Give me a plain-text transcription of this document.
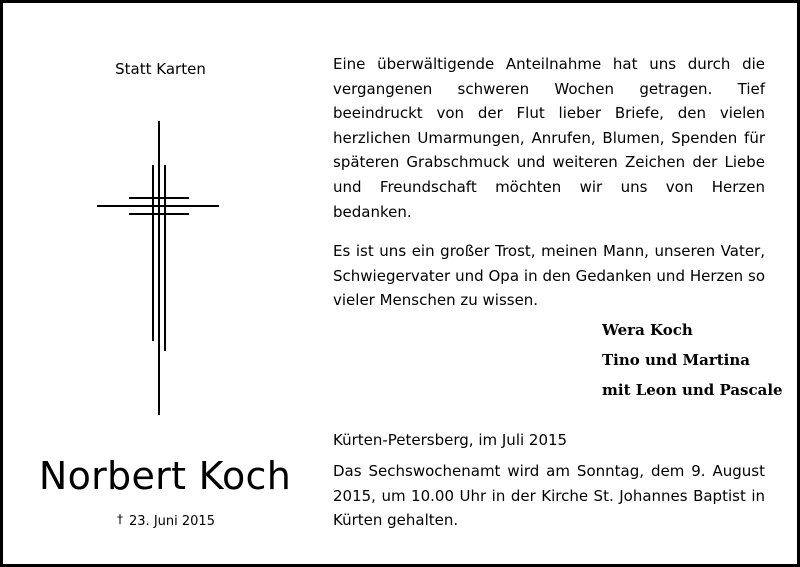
Statt Karten
Norbert Koch
† 23. Juni 2015
Eine überwältigende Anteilnahme hat uns durch die vergangenen schweren Wochen getragen. Tief beeindruckt von der Flut lieber Briefe, den vielen herzlichen Umarmungen, Anrufen, Blumen, Spenden für späteren Grabschmuck und weiteren Zeichen der Liebe und Freundschaft möchten wir uns von Herzen bedanken.
Es ist uns ein großer Trost, meinen Mann, unseren Vater, Schwiegervater und Opa in den Gedanken und Herzen so vieler Menschen zu wissen.
Wera Koch
Tino und Martina
mit Leon und Pascale
Kürten-Petersberg, im Juli 2015
Das Sechswochenamt wird am Sonntag, dem 9. August 2015, um 10.00 Uhr in der Kirche St. Johannes Baptist in Kürten gehalten.
